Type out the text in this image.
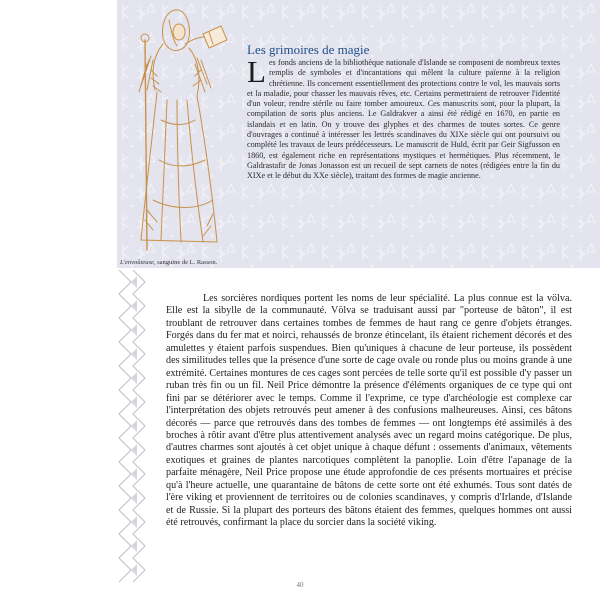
Les grimoires de magie
L es fonds anciens de la bibliothèque nationale d'Islande se composent de nombreux textes remplis de symboles et d'incantations qui mêlent la culture païenne à la religion chrétienne. Ils concernent essentiellement des protections contre le vol, les mauvais sorts et la maladie, pour chasser les mauvais rêves, etc. Certains permettraient de retrouver l'identité d'un voleur, rendre stérile ou faire tomber amoureux. Ces manuscrits sont, pour la plupart, la compilation de sorts plus anciens. Le Galdrakver a ainsi été rédigé en 1670, en partie en islandais et en latin. On y trouve des glyphes et des charmes de toutes sortes. Ce genre d'ouvrages a continué à intéresser les lettrés scandinaves du XIXe siècle qui ont poursuivi ou complété les travaux de leurs prédécesseurs. Le manuscrit de Huld, écrit par Geir Sigfusson en 1860, est également riche en représentations mystiques et hermétiques. Plus récemment, le Galdrastafir de Jonas Jonasson est un recueil de sept carnets de notes (rédigées entre la fin du XIXe et le début du XXe siècle), traitant des formes de magie ancienne.

L'envoûteuse, sanguine de L. Rasson.

Les sorcières nordiques portent les noms de leur spécialité. La plus connue est la völva. Elle est la sibylle de la communauté. Völva se traduisant aussi par "porteuse de bâton", il est troublant de retrouver dans certaines tombes de femmes de haut rang ce genre d'objets étranges. Forgés dans du fer mat et noirci, rehaussés de bronze étincelant, ils étaient richement décorés et des amulettes y étaient parfois suspendues. Bien qu'uniques à chacune de leur porteuse, ils possèdent des similitudes telles que la présence d'une sorte de cage ovale ou ronde plus ou moins grande à une extrémité. Certaines montures de ces cages sont percées de telle sorte qu'il est possible d'y passer un ruban très fin ou un fil. Neil Price démontre la présence d'éléments organiques de ce type qui ont fini par se détériorer avec le temps. Comme il l'exprime, ce type d'archéologie est complexe car l'interprétation des objets retrouvés peut amener à des confusions malheureuses. Ainsi, ces bâtons décorés — parce que retrouvés dans des tombes de femmes — ont longtemps été assimilés à des broches à rôtir avant d'être plus attentivement analysés avec un regard moins catégorique. De plus, d'autres charmes sont ajoutés à cet objet unique à chaque défunt : ossements d'animaux, vêtements exotiques et graines de plantes narcotiques complètent la panoplie. Loin d'être l'apanage de la parfaite ménagère, Neil Price propose une étude approfondie de ces présents mortuaires et précise qu'à l'heure actuelle, une quarantaine de bâtons de cette sorte ont été exhumés. Tous sont datés de l'ère viking et proviennent de territoires ou de colonies scandinaves, y compris d'Irlande, d'Islande et de Russie. Si la plupart des porteurs des bâtons étaient des femmes, quelques hommes ont aussi été retrouvés, confirmant la place du sorcier dans la société viking.

40
